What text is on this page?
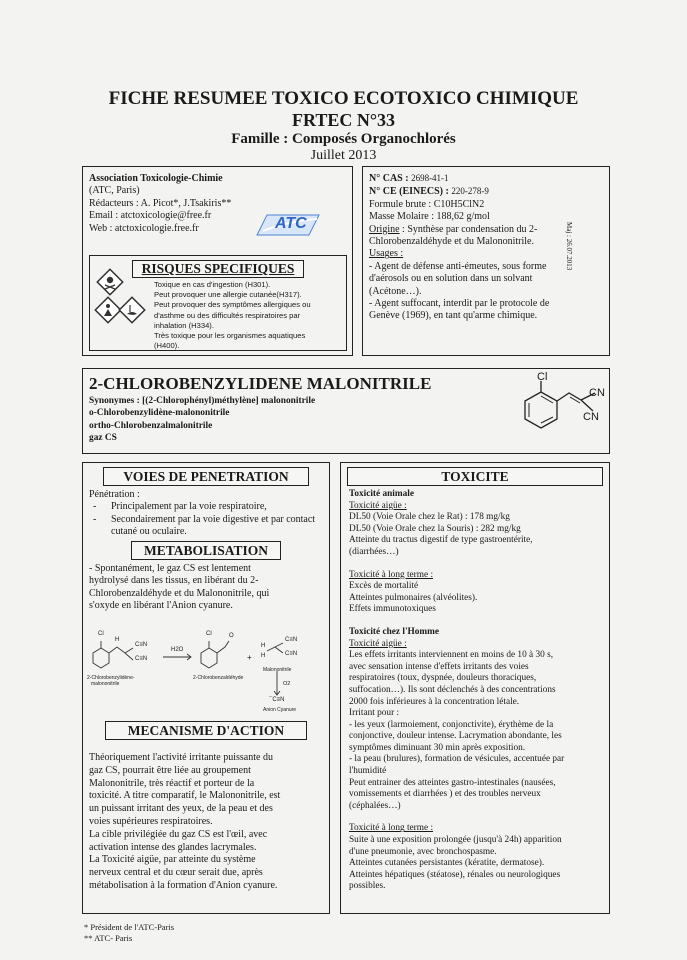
FICHE RESUMEE TOXICO ECOTOXICO CHIMIQUE
FRTEC N°33
Famille : Composés Organochlorés
Juillet 2013
Association Toxicologie-Chimie
(ATC, Paris)
Rédacteurs : A. Picot*, J.Tsakiris**
Email : atctoxicologie@free.fr
Web : atctoxicologie.free.fr	ATC
RISQUES SPECIFIQUES
Toxique en cas d'ingestion (H301).
Peut provoquer une allergie cutanée(H317).
Peut provoquer des symptômes allergiques ou
d'asthme ou des difficultés respiratoires par
inhalation (H334).
Très toxique pour les organismes aquatiques
(H400).
N° CAS : 2698-41-1
N° CE (EINECS) : 220-278-9
Formule brute : C10H5ClN2
Masse Molaire : 188,62 g/mol
Origine : Synthèse par condensation du 2-
Chlorobenzaldéhyde et du Malononitrile.
Usages :
- Agent de défense anti-émeutes, sous forme
d'aérosols ou en solution dans un solvant
(Acétone…).
- Agent suffocant, interdit par le protocole de
Genève (1969), en tant qu'arme chimique.
Maj : 26.07.2013
2-CHLOROBENZYLIDENE MALONITRILE
Synonymes : [(2-Chlorophényl)méthylène] malononitrile
o-Chlorobenzylidène-malononitrile
ortho-Chlorobenzalmalonitrile
gaz CS
Cl
CN
CN
VOIES DE PENETRATION
Pénétration :
- Principalement par la voie respiratoire,
- Secondairement par la voie digestive et par contact cutané ou oculaire.
METABOLISATION
- Spontanément, le gaz CS est lentement
hydrolysé dans les tissus, en libérant du 2-
Chlorobenzaldéhyde et du Malononitrile, qui
s'oxyde en libérant l'Anion cyanure.
Cl
H
C≡N
C≡N
H2O
Cl	O
+
H
H
C≡N
C≡N
2-Chlorobenzylidène-
malononitrile
2-Chlorobenzaldéhyde
Malononitrile
O2
¯C≡N
Anion Cyanure
MECANISME D'ACTION
Théoriquement l'activité irritante puissante du
gaz CS, pourrait être liée au groupement
Malononitrile, très réactif et porteur de la
toxicité. A titre comparatif, le Malononitrile, est
un puissant irritant des yeux, de la peau et des
voies supérieures respiratoires.
La cible privilégiée du gaz CS est l'œil, avec
activation intense des glandes lacrymales.
La Toxicité aigüe, par atteinte du système
nerveux central et du cœur serait due, après
métabolisation à la formation d'Anion cyanure.
TOXICITE
Toxicité animale
Toxicité aigüe :
DL50 (Voie Orale chez le Rat) : 178 mg/kg
DL50 (Voie Orale chez la Souris) : 282 mg/kg
Atteinte du tractus digestif de type gastroentérite,
(diarrhées…)
Toxicité à long terme :
Excès de mortalité
Atteintes pulmonaires (alvéolites).
Effets immunotoxiques
Toxicité chez l'Homme
Toxicité aigüe :
Les effets irritants interviennent en moins de 10 à 30 s,
avec sensation intense d'effets irritants des voies
respiratoires (toux, dyspnée, douleurs thoraciques,
suffocation…). Ils sont déclenchés à des concentrations
2000 fois inférieures à la concentration létale.
Irritant pour :
- les yeux (larmoiement, conjonctivite), érythème de la
conjonctive, douleur intense. Lacrymation abondante, les
symptômes diminuant 30 min après exposition.
- la peau (brulures), formation de vésicules, accentuée par
l'humidité
Peut entrainer des atteintes gastro-intestinales (nausées,
vomissements et diarrhées ) et des troubles nerveux
(céphalées…)
Toxicité à long terme :
Suite à une exposition prolongée (jusqu'à 24h) apparition
d'une pneumonie, avec bronchospasme.
Atteintes cutanées persistantes (kératite, dermatose).
Atteintes hépatiques (stéatose), rénales ou neurologiques
possibles.
* Président de l'ATC-Paris
** ATC- Paris
